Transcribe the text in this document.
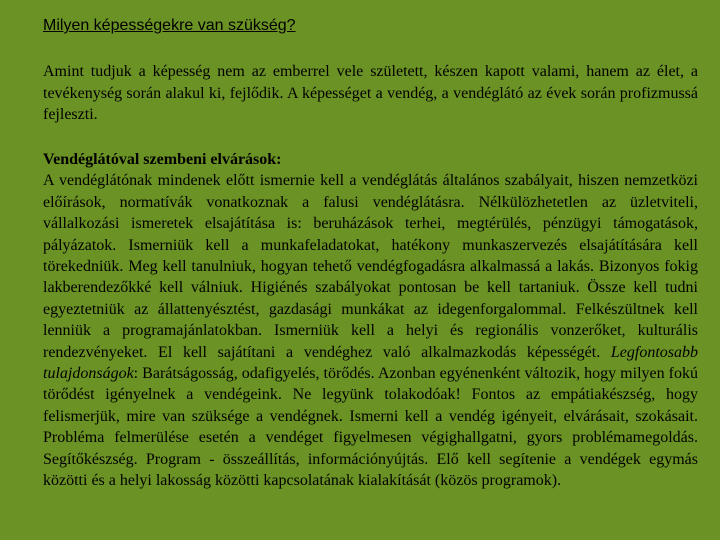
Milyen képességekre van szükség?

Amint tudjuk a képesség nem az emberrel vele született, készen kapott valami, hanem az élet, a tevékenység során alakul ki, fejlődik. A képességet a vendég, a vendéglátó az évek során profizmussá fejleszti.

Vendéglátóval szembeni elvárások:
A vendéglátónak mindenek előtt ismernie kell a vendéglátás általános szabályait, hiszen nemzetközi előírások, normatívák vonatkoznak a falusi vendéglátásra. Nélkülözhetetlen az üzletviteli, vállalkozási ismeretek elsajátítása is: beruházások terhei, megtérülés, pénzügyi támogatások, pályázatok. Ismerniük kell a munkafeladatokat, hatékony munkaszervezés elsajátítására kell törekedniük. Meg kell tanulniuk, hogyan tehető vendégfogadásra alkalmassá a lakás. Bizonyos fokig lakberendezőkké kell válniuk. Higiénés szabályokat pontosan be kell tartaniuk. Össze kell tudni egyeztetniük az állattenyésztést, gazdasági munkákat az idegenforgalommal. Felkészültnek kell lenniük a programajánlatokban. Ismerniük kell a helyi és regionális vonzerőket, kulturális rendezvényeket. El kell sajátítani a vendéghez való alkalmazkodás képességét. Legfontosabb tulajdonságok: Barátságosság, odafigyelés, törődés. Azonban egyénenként változik, hogy milyen fokú törődést igényelnek a vendégeink. Ne legyünk tolakodóak! Fontos az empátiakészség, hogy felismerjük, mire van szüksége a vendégnek. Ismerni kell a vendég igényeit, elvárásait, szokásait. Probléma felmerülése esetén a vendéget figyelmesen végighallgatni, gyors problémamegoldás. Segítőkészség. Program - összeállítás, információnyújtás. Elő kell segítenie a vendégek egymás közötti és a helyi lakosság közötti kapcsolatának kialakítását (közös programok).
